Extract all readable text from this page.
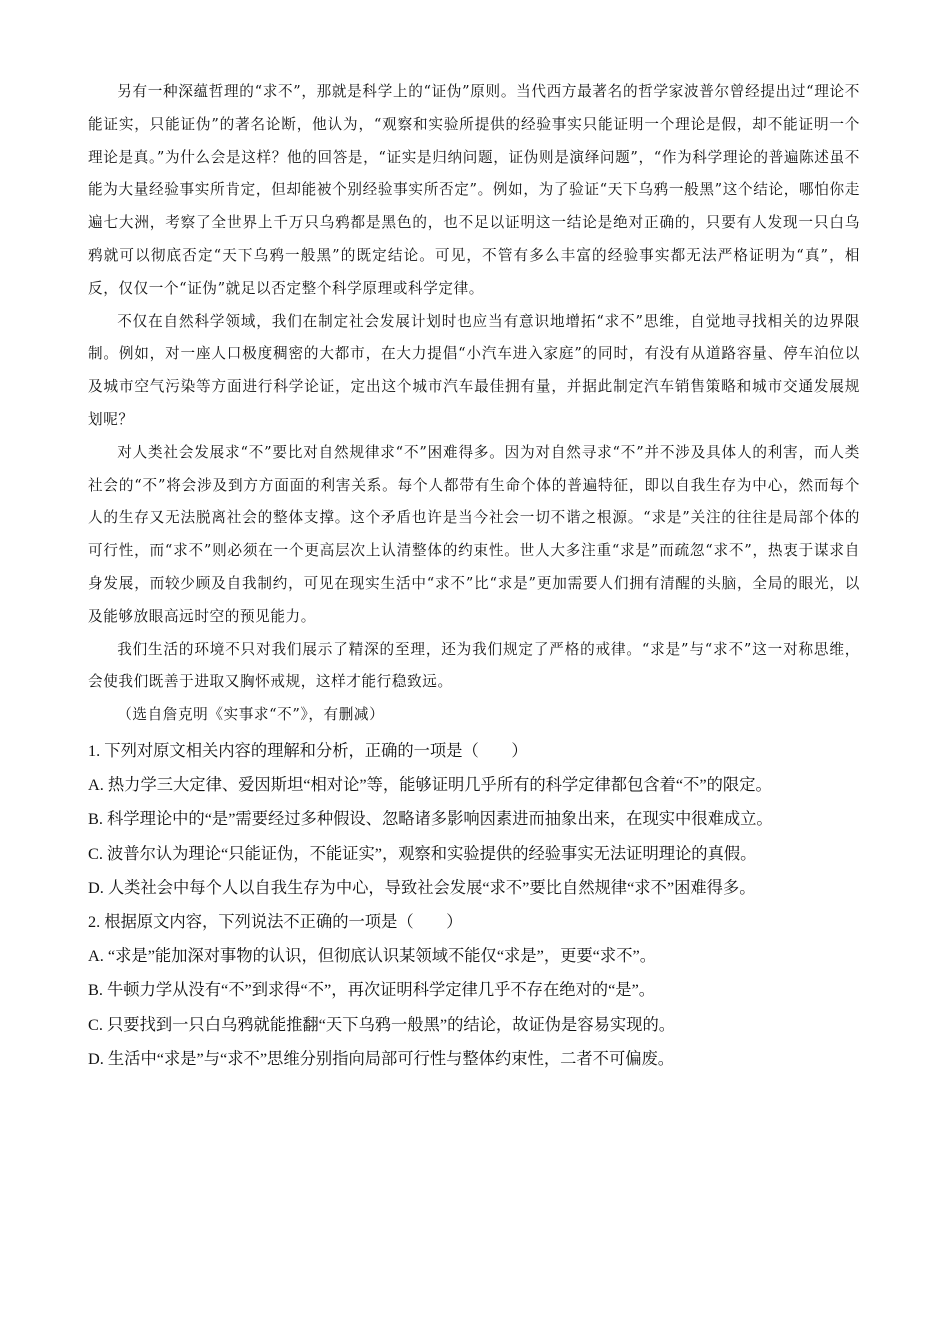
另有一种深蕴哲理的“求不”，那就是科学上的“证伪”原则。当代西方最著名的哲学家波普尔曾经提出过“理论不能证实，只能证伪”的著名论断，他认为，“观察和实验所提供的经验事实只能证明一个理论是假，却不能证明一个理论是真。”为什么会是这样？他的回答是，“证实是归纳问题，证伪则是演绎问题”，“作为科学理论的普遍陈述虽不能为大量经验事实所肯定，但却能被个别经验事实所否定”。例如，为了验证“天下乌鸦一般黑”这个结论，哪怕你走遍七大洲，考察了全世界上千万只乌鸦都是黑色的，也不足以证明这一结论是绝对正确的，只要有人发现一只白乌鸦就可以彻底否定“天下乌鸦一般黑”的既定结论。可见，不管有多么丰富的经验事实都无法严格证明为“真”，相反，仅仅一个“证伪”就足以否定整个科学原理或科学定律。

不仅在自然科学领域，我们在制定社会发展计划时也应当有意识地增拓“求不”思维，自觉地寻找相关的边界限制。例如，对一座人口极度稠密的大都市，在大力提倡“小汽车进入家庭”的同时，有没有从道路容量、停车泊位以及城市空气污染等方面进行科学论证，定出这个城市汽车最佳拥有量，并据此制定汽车销售策略和城市交通发展规划呢？

对人类社会发展求“不”要比对自然规律求“不”困难得多。因为对自然寻求“不”并不涉及具体人的利害，而人类社会的“不”将会涉及到方方面面的利害关系。每个人都带有生命个体的普遍特征，即以自我生存为中心，然而每个人的生存又无法脱离社会的整体支撑。这个矛盾也许是当今社会一切不谐之根源。“求是”关注的往往是局部个体的可行性，而“求不”则必须在一个更高层次上认清整体的约束性。世人大多注重“求是”而疏忽“求不”，热衷于谋求自身发展，而较少顾及自我制约，可见在现实生活中“求不”比“求是”更加需要人们拥有清醒的头脑，全局的眼光，以及能够放眼高远时空的预见能力。

我们生活的环境不只对我们展示了精深的至理，还为我们规定了严格的戒律。“求是”与“求不”这一对称思维，会使我们既善于进取又胸怀戒规，这样才能行稳致远。

（选自詹克明《实事求“不”》，有删减）

1. 下列对原文相关内容的理解和分析，正确的一项是（　　）

A. 热力学三大定律、爱因斯坦“相对论”等，能够证明几乎所有的科学定律都包含着“不”的限定。

B. 科学理论中的“是”需要经过多种假设、忽略诸多影响因素进而抽象出来，在现实中很难成立。

C. 波普尔认为理论“只能证伪，不能证实”，观察和实验提供的经验事实无法证明理论的真假。

D. 人类社会中每个人以自我生存为中心，导致社会发展“求不”要比自然规律“求不”困难得多。

2. 根据原文内容，下列说法不正确的一项是（　　）

A. “求是”能加深对事物的认识，但彻底认识某领域不能仅“求是”，更要“求不”。

B. 牛顿力学从没有“不”到求得“不”，再次证明科学定律几乎不存在绝对的“是”。

C. 只要找到一只白乌鸦就能推翻“天下乌鸦一般黑”的结论，故证伪是容易实现的。

D. 生活中“求是”与“求不”思维分别指向局部可行性与整体约束性，二者不可偏废。
